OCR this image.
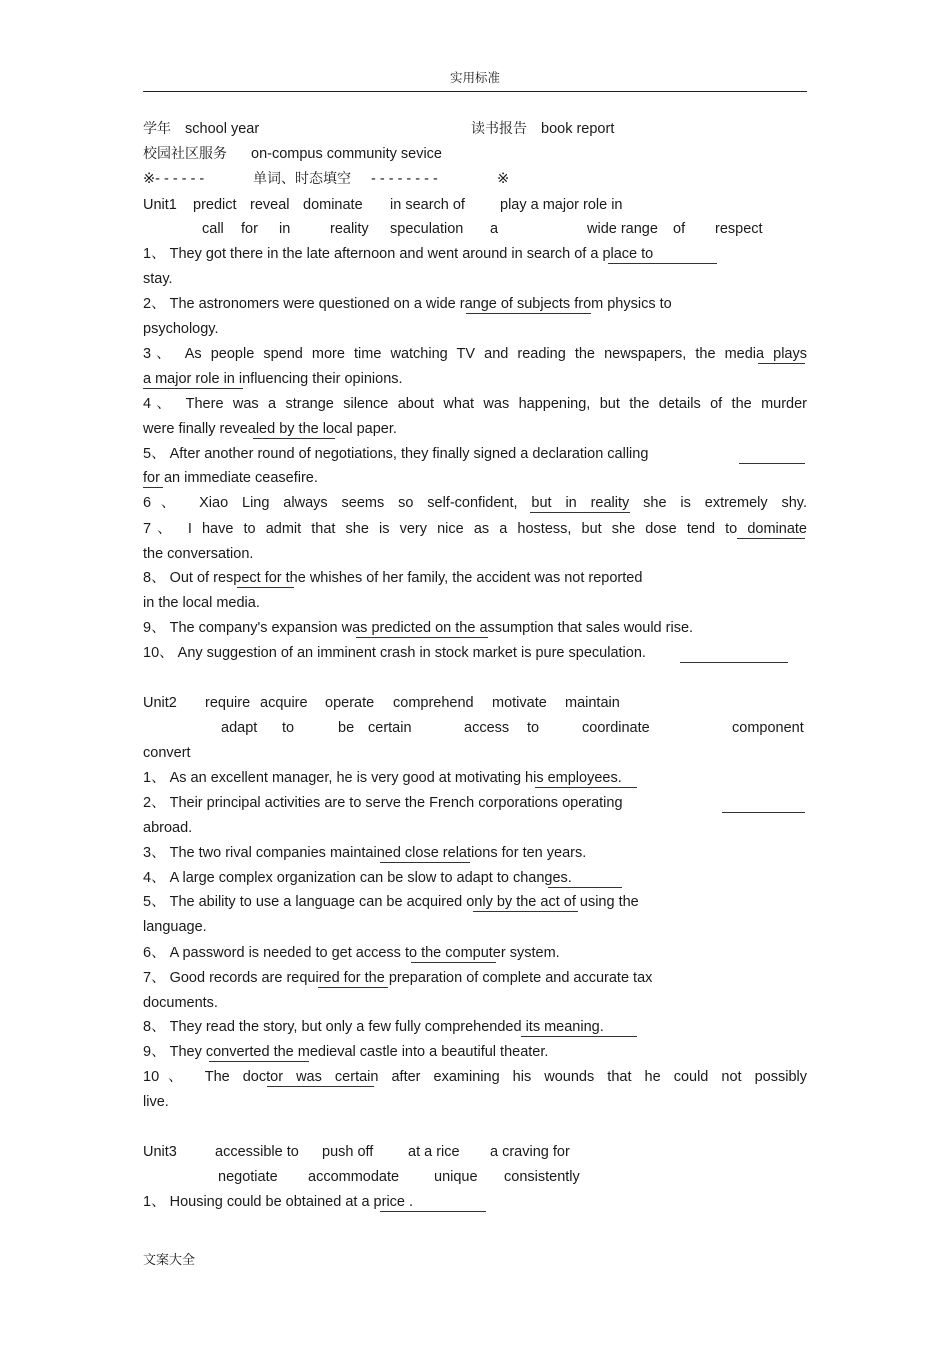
实用标准
学年 school year	读书报告 book report
校园社区服务 on-compus community sevice
※- - - - - -	单词、时态填空 - - - - - - - -	※
Unit1 predict reveal dominate in search of play a major role in
call for in	reality speculation a	wide range of respect
1、 They got there in the late afternoon and went around in search of a place to
stay.
2、 The astronomers were questioned on a wide range of subjects from physics to
psychology.
3、 As people spend more time watching TV and reading the newspapers, the media plays
a major role in influencing their opinions.
4、 There was a strange silence about what was happening, but the details of the murder
were finally revealed by the local paper.
5、 After another round of negotiations, they finally signed a declaration calling
for an immediate ceasefire.
6、 Xiao Ling always seems so self-confident, but in reality she is extremely shy.
7、 I have to admit that she is very nice as a hostess, but she dose tend to dominate
the conversation.
8、 Out of respect for the whishes of her family, the accident was not reported
in the local media.
9、 The company's expansion was predicted on the assumption that sales would rise.
10、 Any suggestion of an imminent crash in stock market is pure speculation.
Unit2 require acquire operate comprehend motivate maintain
adapt to	be certain	access to	coordinate	component
convert
1、 As an excellent manager, he is very good at motivating his employees.
2、 Their principal activities are to serve the French corporations operating
abroad.
3、 The two rival companies maintained close relations for ten years.
4、 A large complex organization can be slow to adapt to changes.
5、 The ability to use a language can be acquired only by the act of using the
language.
6、 A password is needed to get access to the computer system.
7、 Good records are required for the preparation of complete and accurate tax
documents.
8、 They read the story, but only a few fully comprehended its meaning.
9、 They converted the medieval castle into a beautiful theater.
10、 The doctor was certain after examining his wounds that he could not possibly
live.
Unit3	accessible to push off at a rice a craving for
negotiate accommodate unique consistently
1、 Housing could be obtained at a price .
文案大全
